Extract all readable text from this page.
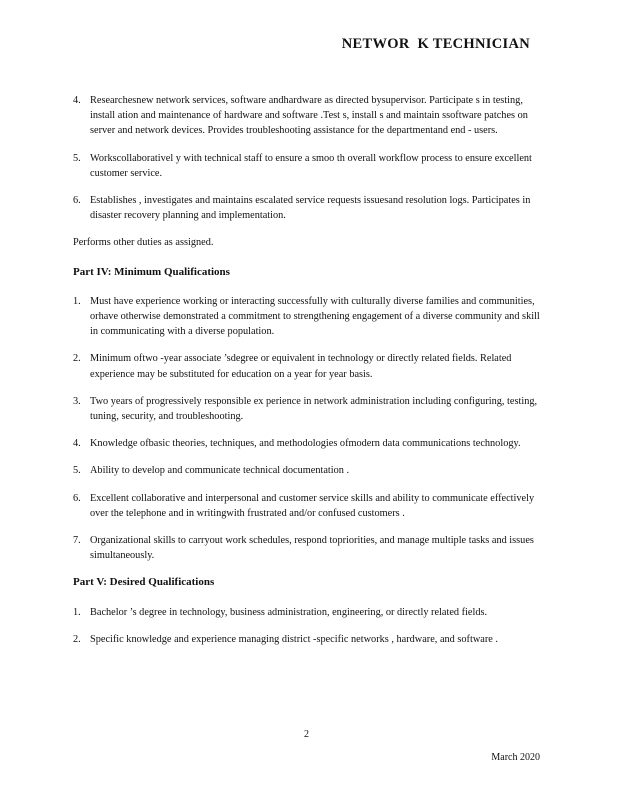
NETWOR  K TECHNICIAN
4. Researchesnew network services, software andhardware as directed bysupervisor. Participate s in testing, install ation and maintenance of hardware and software .Test s, install s and maintain ssoftware patches on server and network devices. Provides troubleshooting assistance for the departmentand end - users.
5. Workscollaborativel y with technical staff to ensure a smoo th overall workflow process to ensure excellent customer service.
6. Establishes , investigates and maintains escalated service requests issuesand resolution logs. Participates in disaster recovery planning and implementation.

Performs other duties as assigned.

Part IV: Minimum Qualifications

1. Must have experience working or interacting successfully with culturally diverse families and communities, orhave otherwise demonstrated a commitment to strengthening engagement of a diverse community and skill in communicating with a diverse population.
2. Minimum oftwo -year associate ’sdegree or equivalent in technology or directly related fields. Related experience may be substituted for education on a year for year basis.
3. Two years of progressively responsible ex perience in network administration including configuring, testing, tuning, security, and troubleshooting.
4. Knowledge ofbasic theories, techniques, and methodologies ofmodern data communications technology.
5. Ability to develop and communicate technical documentation .
6. Excellent collaborative and interpersonal and customer service skills and ability to communicate effectively over the telephone and in writingwith frustrated and/or confused customers .
7. Organizational skills to carryout work schedules, respond topriorities, and manage multiple tasks and issues simultaneously.

Part V: Desired Qualifications

1. Bachelor ’s degree in technology, business administration, engineering, or directly related fields.
2. Specific knowledge and experience managing district -specific networks , hardware, and software .
2
March 2020
